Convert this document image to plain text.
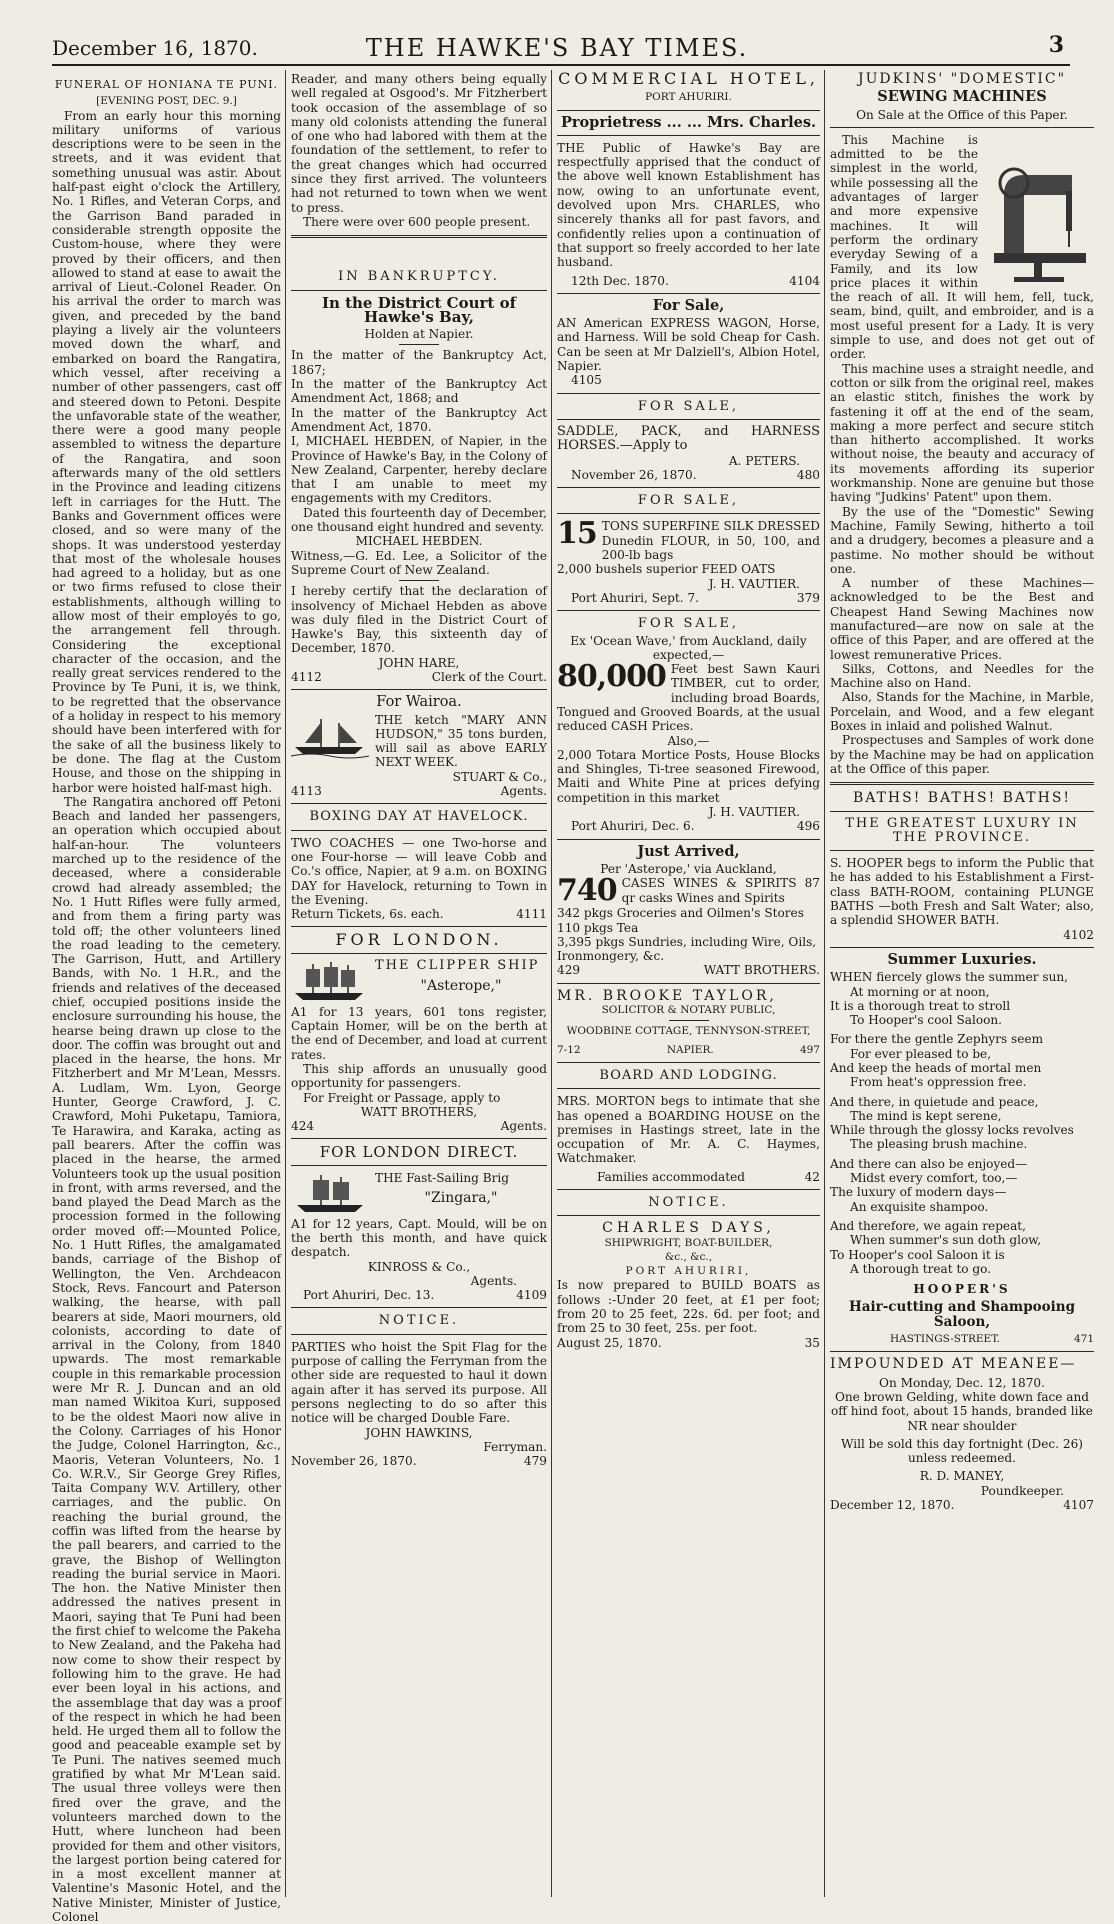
December 16, 1870.	THE HAWKE'S BAY TIMES.	3
FUNERAL OF HONIANA TE PUNI.
[EVENING POST, DEC. 9.]

From an early hour this morning military uniforms of various descriptions were to be seen in the streets, and it was evident that something unusual was astir. About half-past eight o'clock the Artillery, No. 1 Rifles, and Veteran Corps, and the Garrison Band paraded in considerable strength opposite the Custom-house, where they were proved by their officers, and then allowed to stand at ease to await the arrival of Lieut.-Colonel Reader. On his arrival the order to march was given, and preceded by the band playing a lively air the volunteers moved down the wharf, and embarked on board the Rangatira, which vessel, after receiving a number of other passengers, cast off and steered down to Petoni. Despite the unfavorable state of the weather, there were a good many people assembled to witness the departure of the Rangatira, and soon afterwards many of the old settlers in the Province and leading citizens left in carriages for the Hutt. The Banks and Government offices were closed, and so were many of the shops. It was understood yesterday that most of the wholesale houses had agreed to a holiday, but as one or two firms refused to close their establishments, although willing to allow most of their employés to go, the arrangement fell through. Considering the exceptional character of the occasion, and the really great services rendered to the Province by Te Puni, it is, we think, to be regretted that the observance of a holiday in respect to his memory should have been interfered with for the sake of all the business likely to be done. The flag at the Custom House, and those on the shipping in harbor were hoisted half-mast high.

The Rangatira anchored off Petoni Beach and landed her passengers, an operation which occupied about half-an-hour. The volunteers marched up to the residence of the deceased, where a considerable crowd had already assembled; the No. 1 Hutt Rifles were fully armed, and from them a firing party was told off; the other volunteers lined the road leading to the cemetery. The Garrison, Hutt, and Artillery Bands, with No. 1 H.R., and the friends and relatives of the deceased chief, occupied positions inside the enclosure surrounding his house, the hearse being drawn up close to the door. The coffin was brought out and placed in the hearse, the hons. Mr Fitzherbert and Mr M'Lean, Messrs. A. Ludlam, Wm. Lyon, George Hunter, George Crawford, J. C. Crawford, Mohi Puketapu, Tamiora, Te Harawira, and Karaka, acting as pall bearers. After the coffin was placed in the hearse, the armed Volunteers took up the usual position in front, with arms reversed, and the band played the Dead March as the procession formed in the following order moved off:—Mounted Police, No. 1 Hutt Rifles, the amalgamated bands, carriage of the Bishop of Wellington, the Ven. Archdeacon Stock, Revs. Fancourt and Paterson walking, the hearse, with pall bearers at side, Maori mourners, old colonists, according to date of arrival in the Colony, from 1840 upwards. The most remarkable couple in this remarkable procession were Mr R. J. Duncan and an old man named Wikitoa Kuri, supposed to be the oldest Maori now alive in the Colony. Carriages of his Honor the Judge, Colonel Harrington, &c., Maoris, Veteran Volunteers, No. 1 Co. W.R.V., Sir George Grey Rifles, Taita Company W.V. Artillery, other carriages, and the public. On reaching the burial ground, the coffin was lifted from the hearse by the pall bearers, and carried to the grave, the Bishop of Wellington reading the burial service in Maori. The hon. the Native Minister then addressed the natives present in Maori, saying that Te Puni had been the first chief to welcome the Pakeha to New Zealand, and the Pakeha had now come to show their respect by following him to the grave. He had ever been loyal in his actions, and the assemblage that day was a proof of the respect in which he had been held. He urged them all to follow the good and peaceable example set by Te Puni. The natives seemed much gratified by what Mr M'Lean said. The usual three volleys were then fired over the grave, and the volunteers marched down to the Hutt, where luncheon had been provided for them and other visitors, the largest portion being catered for in a most excellent manner at Valentine's Masonic Hotel, and the Native Minister, Minister of Justice, Colonel

Reader, and many others being equally well regaled at Osgood's. Mr Fitzherbert took occasion of the assemblage of so many old colonists attending the funeral of one who had labored with them at the foundation of the settlement, to refer to the great changes which had occurred since they first arrived. The volunteers had not returned to town when we went to press.

There were over 600 people present.

IN BANKRUPTCY.
In the District Court of Hawke's Bay,
Holden at Napier.

In the matter of the Bankruptcy Act, 1867;

In the matter of the Bankruptcy Act Amendment Act, 1868; and

In the matter of the Bankruptcy Act Amendment Act, 1870.

I, MICHAEL HEBDEN, of Napier, in the Province of Hawke's Bay, in the Colony of New Zealand, Carpenter, hereby declare that I am unable to meet my engagements with my Creditors.

Dated this fourteenth day of December, one thousand eight hundred and seventy.

MICHAEL HEBDEN.

Witness,—G. Ed. Lee, a Solicitor of the Supreme Court of New Zealand.

I hereby certify that the declaration of insolvency of Michael Hebden as above was duly filed in the District Court of Hawke's Bay, this sixteenth day of December, 1870.

JOHN HARE,
4112	Clerk of the Court.
For Wairoa.

THE ketch "MARY ANN HUDSON," 35 tons burden, will sail as above EARLY NEXT WEEK.

STUART & Co.,
4113	Agents.
BOXING DAY AT HAVELOCK.

TWO COACHES — one Two-horse and one Four-horse — will leave Cobb and Co.'s office, Napier, at 9 a.m. on BOXING DAY for Havelock, returning to Town in the Evening.

Return Tickets, 6s. each.	4111
FOR LONDON.
THE CLIPPER SHIP
"Asterope,"

A1 for 13 years, 601 tons register, Captain Homer, will be on the berth at the end of December, and load at current rates.

This ship affords an unusually good opportunity for passengers.

For Freight or Passage, apply to

WATT BROTHERS,
424	Agents.
FOR LONDON DIRECT.
THE Fast-Sailing Brig
"Zingara,"

A1 for 12 years, Capt. Mould, will be on the berth this month, and have quick despatch.

KINROSS & Co.,
Agents.
Port Ahuriri, Dec. 13.	4109
NOTICE.

PARTIES who hoist the Spit Flag for the purpose of calling the Ferryman from the other side are requested to haul it down again after it has served its purpose. All persons neglecting to do so after this notice will be charged Double Fare.

JOHN HAWKINS,
Ferryman.
November 26, 1870.	479
COMMERCIAL HOTEL,
PORT AHURIRI.
Proprietress ... ... Mrs. Charles.

THE Public of Hawke's Bay are respectfully apprised that the conduct of the above well known Establishment has now, owing to an unfortunate event, devolved upon Mrs. CHARLES, who sincerely thanks all for past favors, and confidently relies upon a continuation of that support so freely accorded to her late husband.

12th Dec. 1870.	4104
For Sale,

AN American EXPRESS WAGON, Horse, and Harness. Will be sold Cheap for Cash. Can be seen at Mr Dalziell's, Albion Hotel, Napier.

4105
FOR SALE,

SADDLE, PACK, and HARNESS HORSES.—Apply to

A. PETERS.
November 26, 1870.	480
FOR SALE,
15 TONS SUPERFINE SILK DRESSED Dunedin FLOUR, in 50, 100, and 200-lb bags

2,000 bushels superior FEED OATS
J. H. VAUTIER.
Port Ahuriri, Sept. 7.	379
FOR SALE,
Ex 'Ocean Wave,' from Auckland, daily expected,—
80,000 Feet best Sawn Kauri TIMBER, cut to order, including broad Boards, Tongued and Grooved Boards, at the usual reduced CASH Prices.

Also,—

2,000 Totara Mortice Posts, House Blocks and Shingles, Ti-tree seasoned Firewood, Maiti and White Pine at prices defying competition in this market

J. H. VAUTIER.
Port Ahuriri, Dec. 6.	496
Just Arrived,
Per 'Asterope,' via Auckland,
740 CASES WINES & SPIRITS 87 qr casks Wines and Spirits

342 pkgs Groceries and Oilmen's Stores
110 pkgs Tea
3,395 pkgs Sundries, including Wire, Oils, Ironmongery, &c.
429	WATT BROTHERS.
MR. BROOKE TAYLOR,
SOLICITOR & NOTARY PUBLIC,
WOODBINE COTTAGE, TENNYSON-STREET,
7-12	NAPIER.	497
BOARD AND LODGING.

MRS. MORTON begs to intimate that she has opened a BOARDING HOUSE on the premises in Hastings street, late in the occupation of Mr. A. C. Haymes, Watchmaker.

Families accommodated	42
NOTICE.
CHARLES DAYS,
SHIPWRIGHT, BOAT-BUILDER,
&c., &c.,
PORT AHURIRI,

Is now prepared to BUILD BOATS as follows :-Under 20 feet, at £1 per foot; from 20 to 25 feet, 22s. 6d. per foot; and from 25 to 30 feet, 25s. per foot.

August 25, 1870.	35
JUDKINS' "DOMESTIC"
SEWING MACHINES
On Sale at the Office of this Paper.

This Machine is admitted to be the simplest in the world, while possessing all the advantages of larger and more expensive machines. It will perform the ordinary everyday Sewing of a Family, and its low price places it within the reach of all. It will hem, fell, tuck, seam, bind, quilt, and embroider, and is a most useful present for a Lady. It is very simple to use, and does not get out of order.

This machine uses a straight needle, and cotton or silk from the original reel, makes an elastic stitch, finishes the work by fastening it off at the end of the seam, making a more perfect and secure stitch than hitherto accomplished. It works without noise, the beauty and accuracy of its movements affording its superior workmanship. None are genuine but those having "Judkins' Patent" upon them.

By the use of the "Domestic" Sewing Machine, Family Sewing, hitherto a toil and a drudgery, becomes a pleasure and a pastime. No mother should be without one.

A number of these Machines—acknowledged to be the Best and Cheapest Hand Sewing Machines now manufactured—are now on sale at the office of this Paper, and are offered at the lowest remunerative Prices.

Silks, Cottons, and Needles for the Machine also on Hand.

Also, Stands for the Machine, in Marble, Porcelain, and Wood, and a few elegant Boxes in inlaid and polished Walnut.

Prospectuses and Samples of work done by the Machine may be had on application at the Office of this paper.

BATHS! BATHS! BATHS!
THE GREATEST LUXURY IN THE PROVINCE.

S. HOOPER begs to inform the Public that he has added to his Establishment a First-class BATH-ROOM, containing PLUNGE BATHS —both Fresh and Salt Water; also, a splendid SHOWER BATH.

4102
Summer Luxuries.

WHEN fiercely glows the summer sun,

At morning or at noon,

It is a thorough treat to stroll

To Hooper's cool Saloon.

For there the gentle Zephyrs seem

For ever pleased to be,

And keep the heads of mortal men

From heat's oppression free.

And there, in quietude and peace,

The mind is kept serene,

While through the glossy locks revolves

The pleasing brush machine.

And there can also be enjoyed—

Midst every comfort, too,—

The luxury of modern days—

An exquisite shampoo.

And therefore, we again repeat,

When summer's sun doth glow,

To Hooper's cool Saloon it is

A thorough treat to go.

HOOPER'S
Hair-cutting and Shampooing Saloon,
HASTINGS-STREET.	471
IMPOUNDED AT MEANEE—
On Monday, Dec. 12, 1870.

One brown Gelding, white down face and off hind foot, about 15 hands, branded like NR near shoulder

Will be sold this day fortnight (Dec. 26) unless redeemed.

R. D. MANEY,
Poundkeeper.
December 12, 1870.	4107
